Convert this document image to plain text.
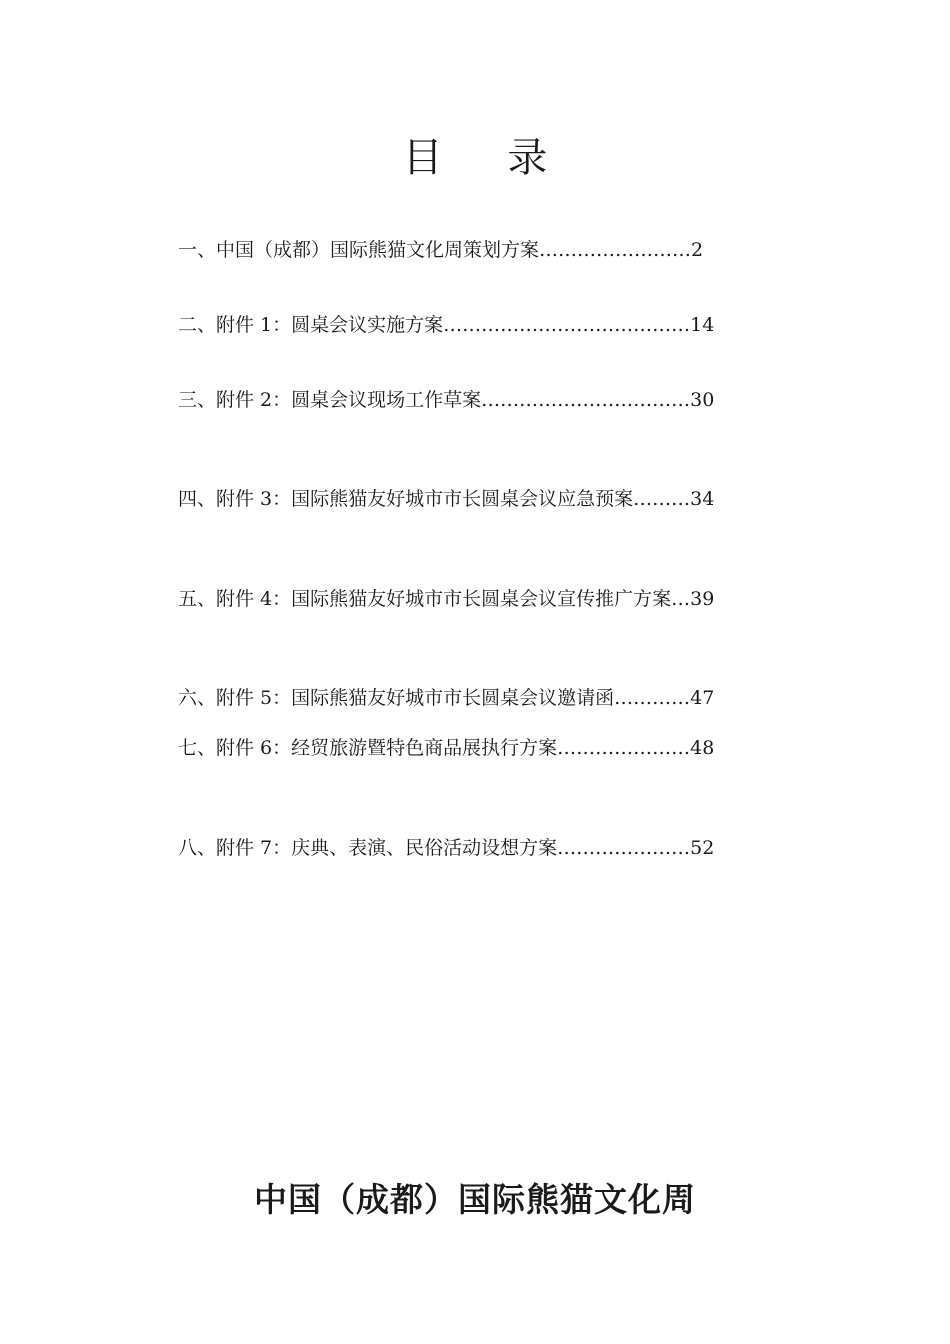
目 录
一、中国（成都）国际熊猫文化周策划方案……………………2
二、附件 1：圆桌会议实施方案…………………………………14
三、附件 2：圆桌会议现场工作草案……………………………30
四、附件 3：国际熊猫友好城市市长圆桌会议应急预案………34
五、附件 4：国际熊猫友好城市市长圆桌会议宣传推广方案…39
六、附件 5：国际熊猫友好城市市长圆桌会议邀请函…………47
七、附件 6：经贸旅游暨特色商品展执行方案…………………48
八、附件 7：庆典、表演、民俗活动设想方案…………………52
中国（成都）国际熊猫文化周
